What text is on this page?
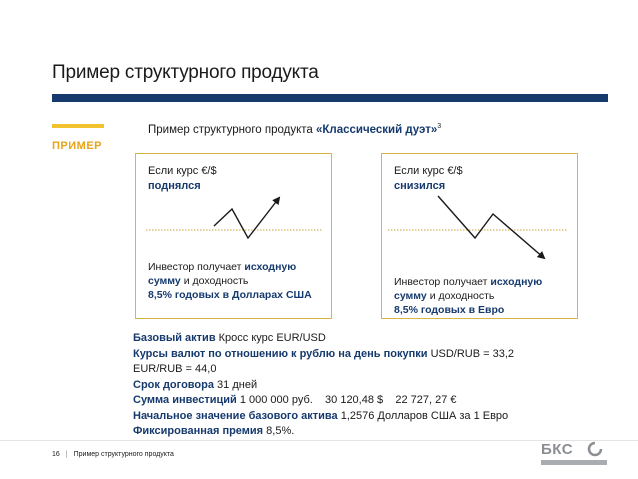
Пример структурного продукта
ПРИМЕР
Пример структурного продукта «Классический дуэт»$^3$
Если курс €/$
поднялся
Инвестор получает исходную сумму и доходность
8,5% годовых в Долларах США
Если курс €/$
снизился
Инвестор получает исходную сумму и доходность
8,5% годовых в Евро
Базовый актив Кросс курс EUR/USD
Курсы валют по отношению к рублю на день покупки USD/RUB = 33,2
EUR/RUB = 44,0
Срок договора 31 дней
Сумма инвестиций 1 000 000 руб.    30 120,48 $    22 727, 27 €
Начальное значение базового актива 1,2576 Долларов США за 1 Евро
Фиксированная премия 8,5%.
16 | Пример структурного продукта	БКС
